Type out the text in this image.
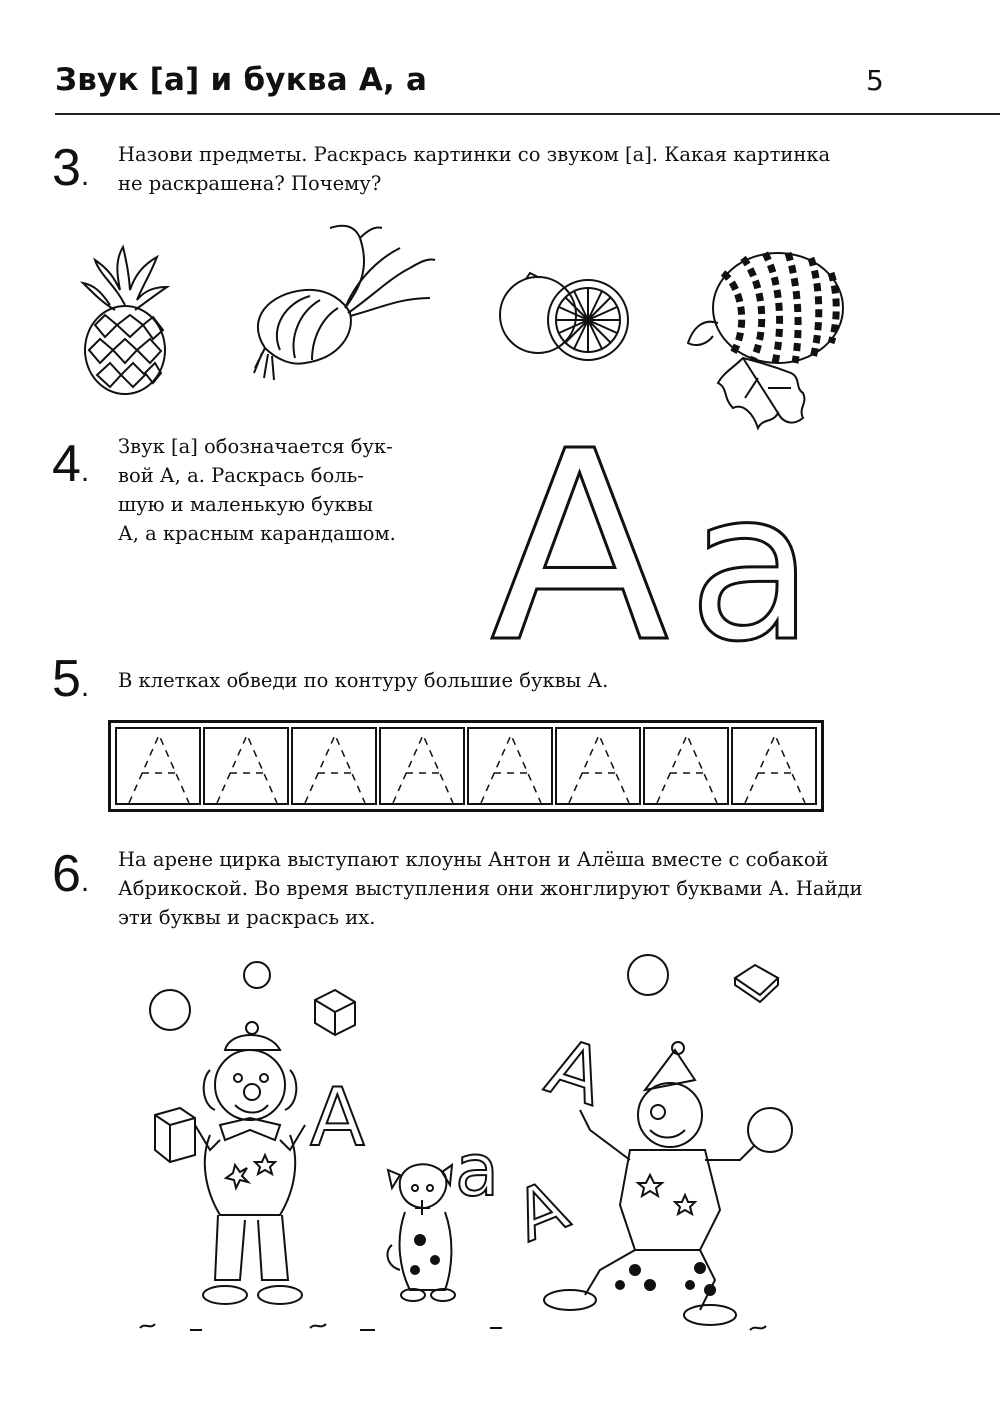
Звук [а] и буква А, а	5
3.
Назови предметы. Раскрась картинки со звуком [а]. Какая картинка
не раскрашена? Почему?
4.
Звук [а] обозначается бук-
вой А, а. Раскрась боль-
шую и маленькую буквы
А, а красным карандашом. A a
5. В клетках обведи по контуру большие буквы А.
6.
На арене цирка выступают клоуны Антон и Алёша вместе с собакой
Абрикоской. Во время выступления они жонглируют буквами А. Найди
эти буквы и раскрась их.
A
a
A
A
